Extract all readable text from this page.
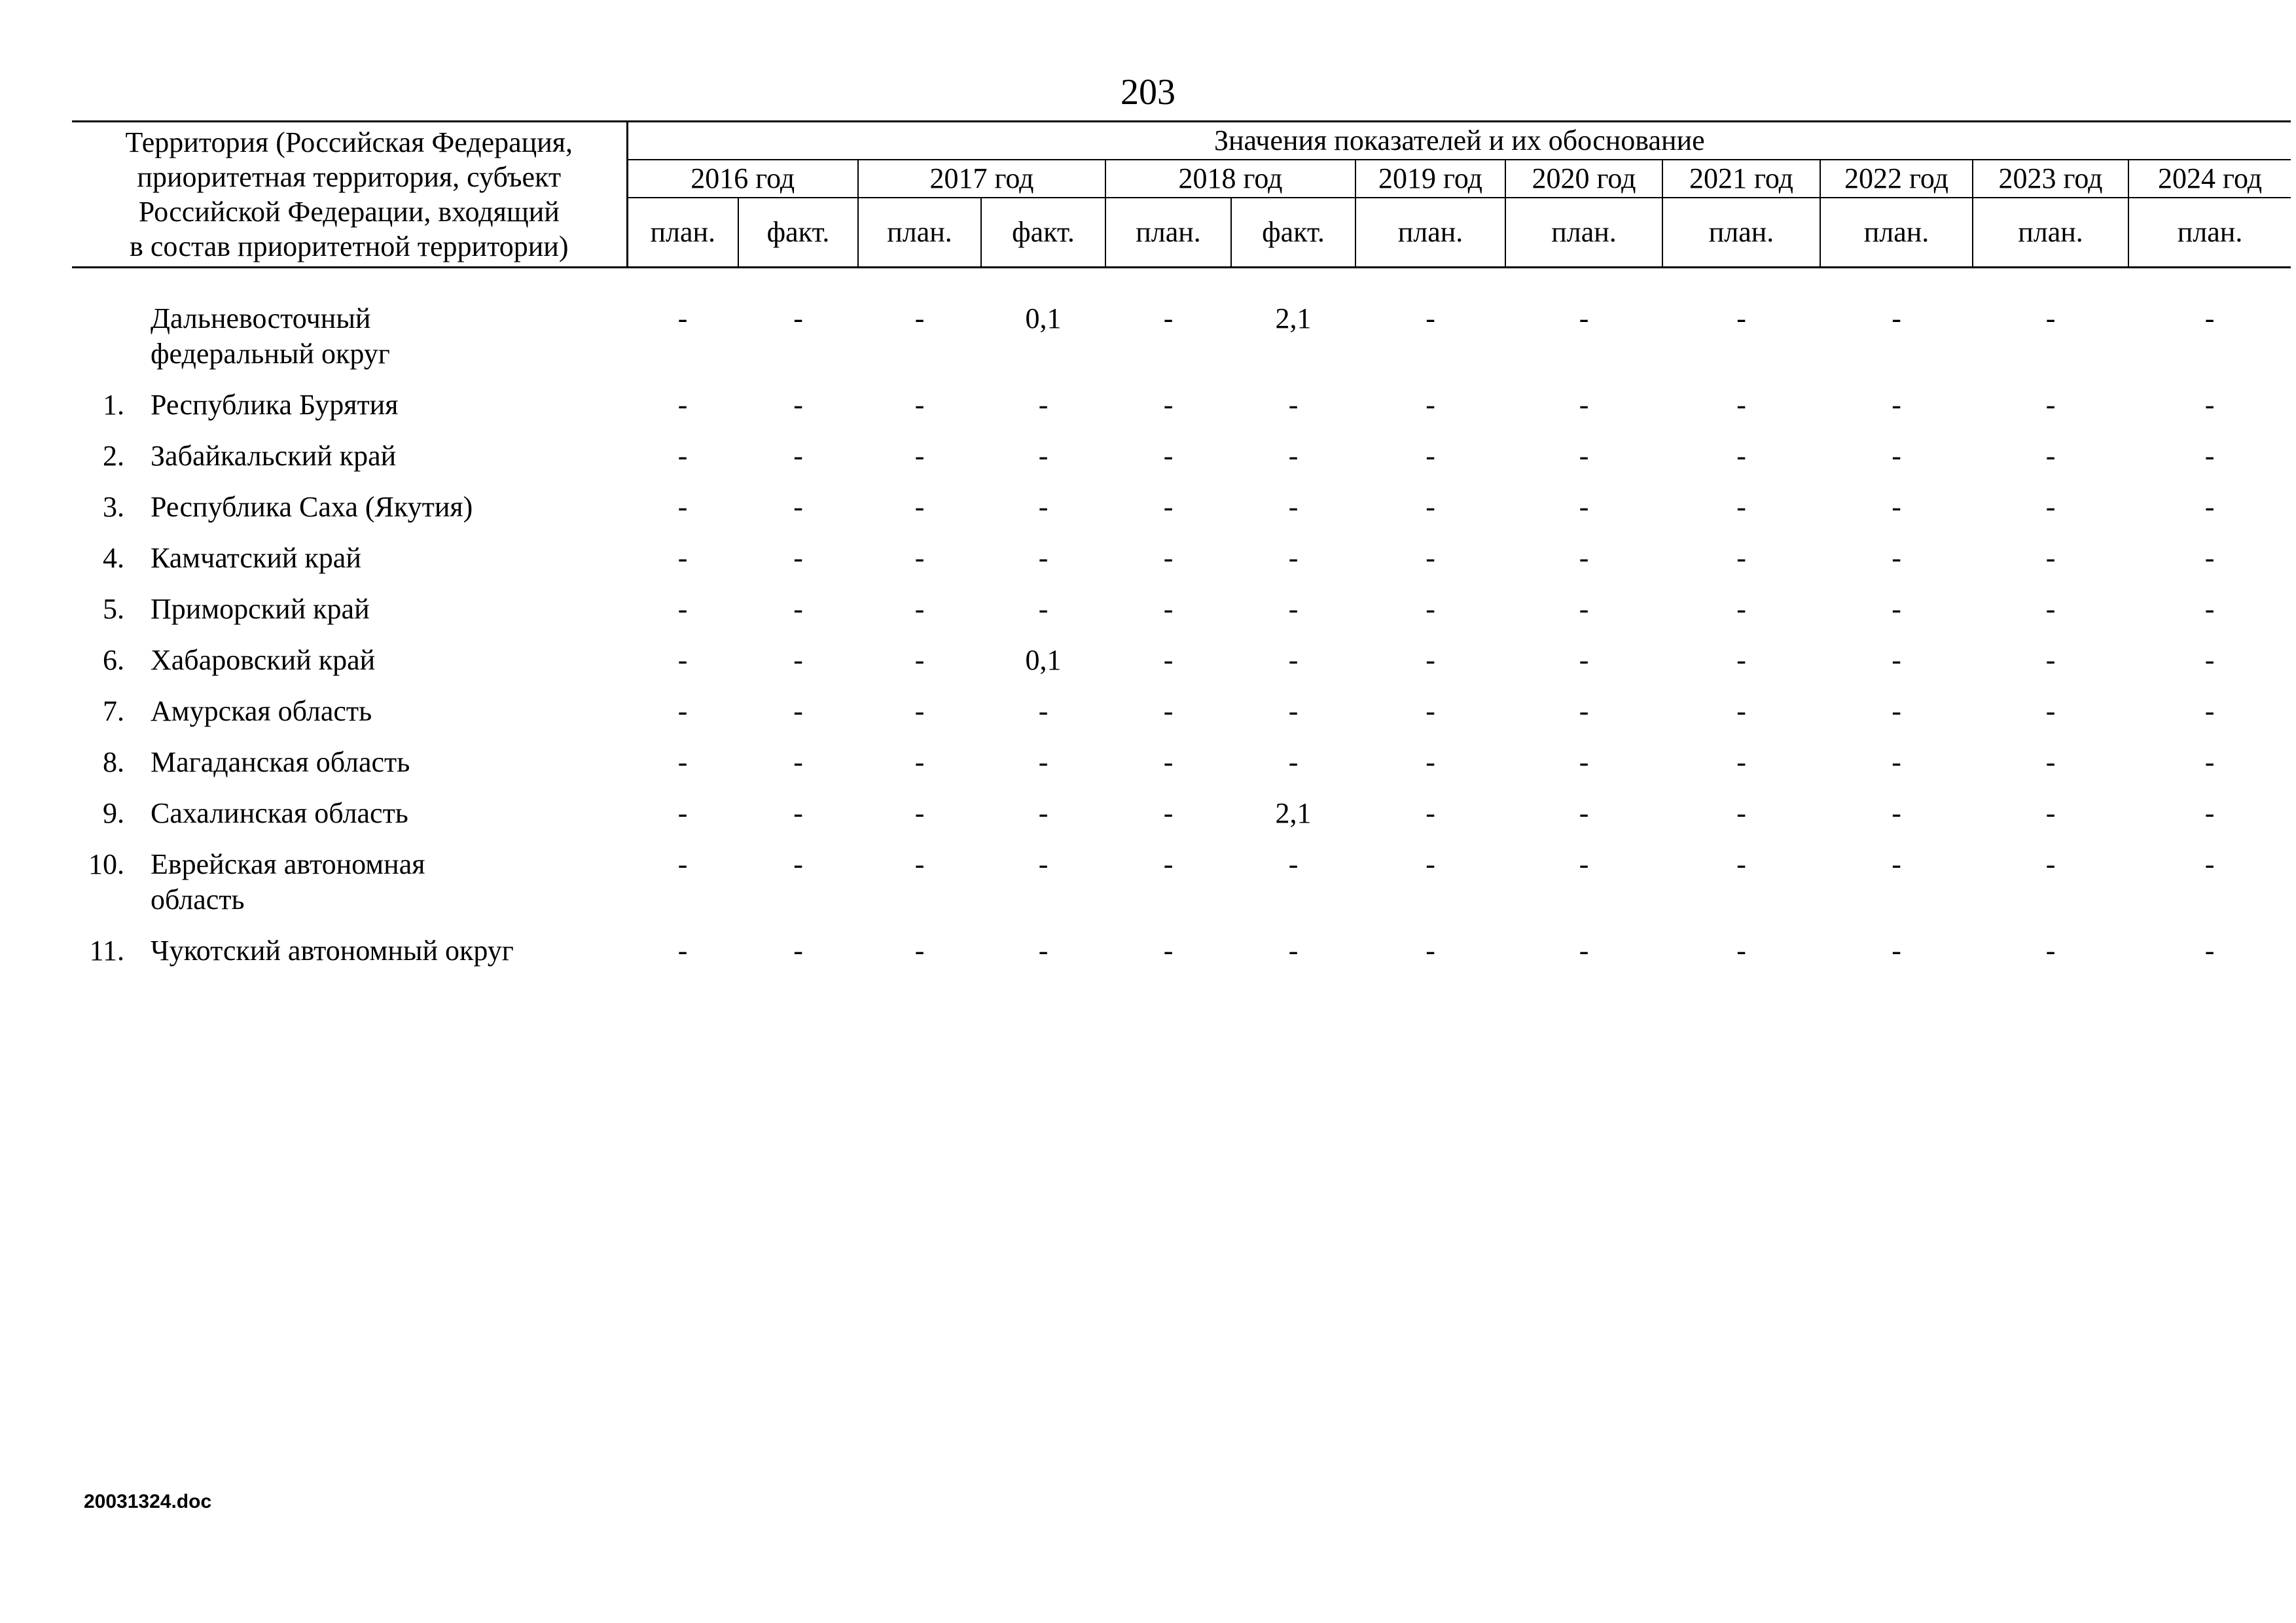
203
Территория (Российская Федерация,
приоритетная территория, субъект
Российской Федерации, входящий
в состав приоритетной территории)		Значения показателей и их обоснование											
		2016 год		2017 год		2018 год		2019 год	2020 год	2021 год	2022 год	2023 год	2024 год
		план.	факт.	план.	факт.	план.	факт.	план.	план.	план.	план.	план.	план.

	Дальневосточный
федеральный округ	-	-	-	0,1	-	2,1	-	-	-	-	-	-
1.	Республика Бурятия	-	-	-	-	-	-	-	-	-	-	-	-
2.	Забайкальский край	-	-	-	-	-	-	-	-	-	-	-	-
3.	Республика Саха (Якутия)	-	-	-	-	-	-	-	-	-	-	-	-
4.	Камчатский край	-	-	-	-	-	-	-	-	-	-	-	-
5.	Приморский край	-	-	-	-	-	-	-	-	-	-	-	-
6.	Хабаровский край	-	-	-	0,1	-	-	-	-	-	-	-	-
7.	Амурская область	-	-	-	-	-	-	-	-	-	-	-	-
8.	Магаданская область	-	-	-	-	-	-	-	-	-	-	-	-
9.	Сахалинская область	-	-	-	-	-	2,1	-	-	-	-	-	-
10.	Еврейская автономная
область	-	-	-	-	-	-	-	-	-	-	-	-
11.	Чукотский автономный округ	-	-	-	-	-	-	-	-	-	-	-	-
20031324.doc
